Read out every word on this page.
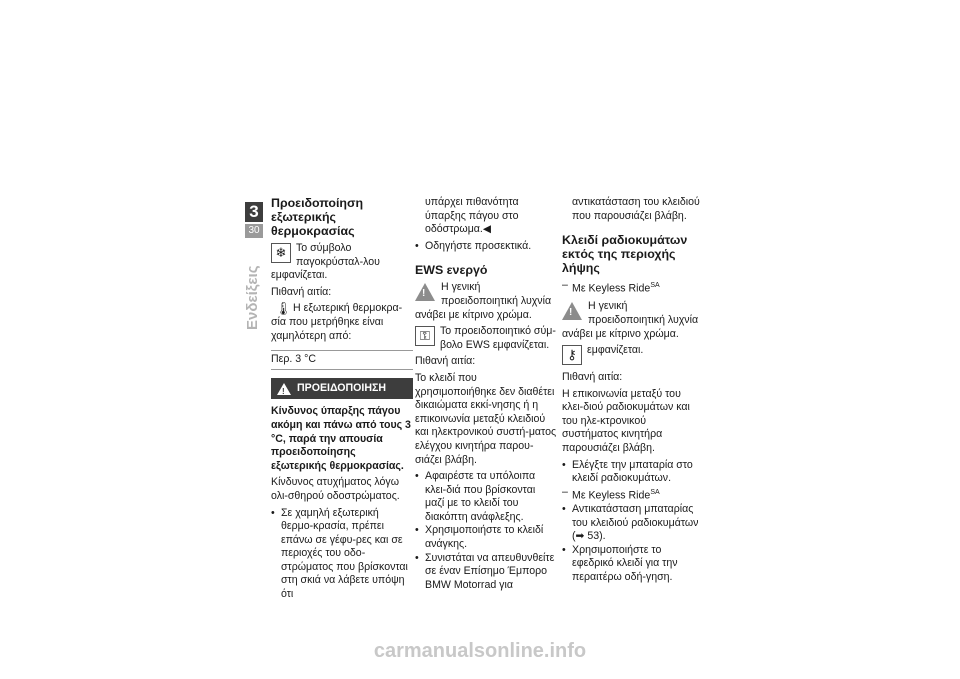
3
30
Ενδείξεις
Προειδοποίηση εξωτερικής θερμοκρασίας
❄ Το σύμβολο παγοκρύσταλ-λου εμφανίζεται.

Πιθανή αιτία:

🌡 Η εξωτερική θερμοκρα-σία που μετρήθηκε είναι χαμηλότερη από:

Περ. 3 °C
! ΠΡΟΕΙΔΟΠΟΙΗΣΗ

Κίνδυνος ύπαρξης πάγου ακόμη και πάνω από τους 3 °C, παρά την απουσία προειδοποίησης εξωτερικής θερμοκρασίας.

Κίνδυνος ατυχήματος λόγω ολι-σθηρού οδοστρώματος.

• Σε χαμηλή εξωτερική θερμο-κρασία, πρέπει επάνω σε γέφυ-ρες και σε περιοχές του οδο-στρώματος που βρίσκονται στη σκιά να λάβετε υπόψη ότι

υπάρχει πιθανότητα ύπαρξης πάγου στο οδόστρωμα.◀

• Οδηγήστε προσεκτικά.
EWS ενεργό
!

Η γενική προειδοποιητική λυχνία ανάβει με κίτρινο χρώμα.

⚿ Το προειδοποιητικό σύμ-βολο EWS εμφανίζεται.

Πιθανή αιτία:

Το κλειδί που χρησιμοποιήθηκε δεν διαθέτει δικαιώματα εκκί-νησης ή η επικοινωνία μεταξύ κλειδιού και ηλεκτρονικού συστή-ματος ελέγχου κινητήρα παρου-σιάζει βλάβη.

• Αφαιρέστε τα υπόλοιπα κλει-διά που βρίσκονται μαζί με το κλειδί του διακόπτη ανάφλεξης.
• Χρησιμοποιήστε το κλειδί ανάγκης.
• Συνιστάται να απευθυνθείτε σε έναν Επίσημο Έμπορο BMW Motorrad για

αντικατάσταση του κλειδιού που παρουσιάζει βλάβη.

Κλειδί ραδιοκυμάτων εκτός της περιοχής λήψης
– Με Keyless Ride$^{SA}$
!

Η γενική προειδοποιητική λυχνία ανάβει με κίτρινο χρώμα.

⚷ εμφανίζεται.

Πιθανή αιτία:

Η επικοινωνία μεταξύ του κλει-διού ραδιοκυμάτων και του ηλε-κτρονικού συστήματος κινητήρα παρουσιάζει βλάβη.

• Ελέγξτε την μπαταρία στο κλειδί ραδιοκυμάτων.
– Με Keyless Ride$^{SA}$
• Αντικατάσταση μπαταρίας του κλειδιού ραδιοκυμάτων (➡ 53).
• Χρησιμοποιήστε το εφεδρικό κλειδί για την περαιτέρω οδή-γηση.
carmanualsonline.info
